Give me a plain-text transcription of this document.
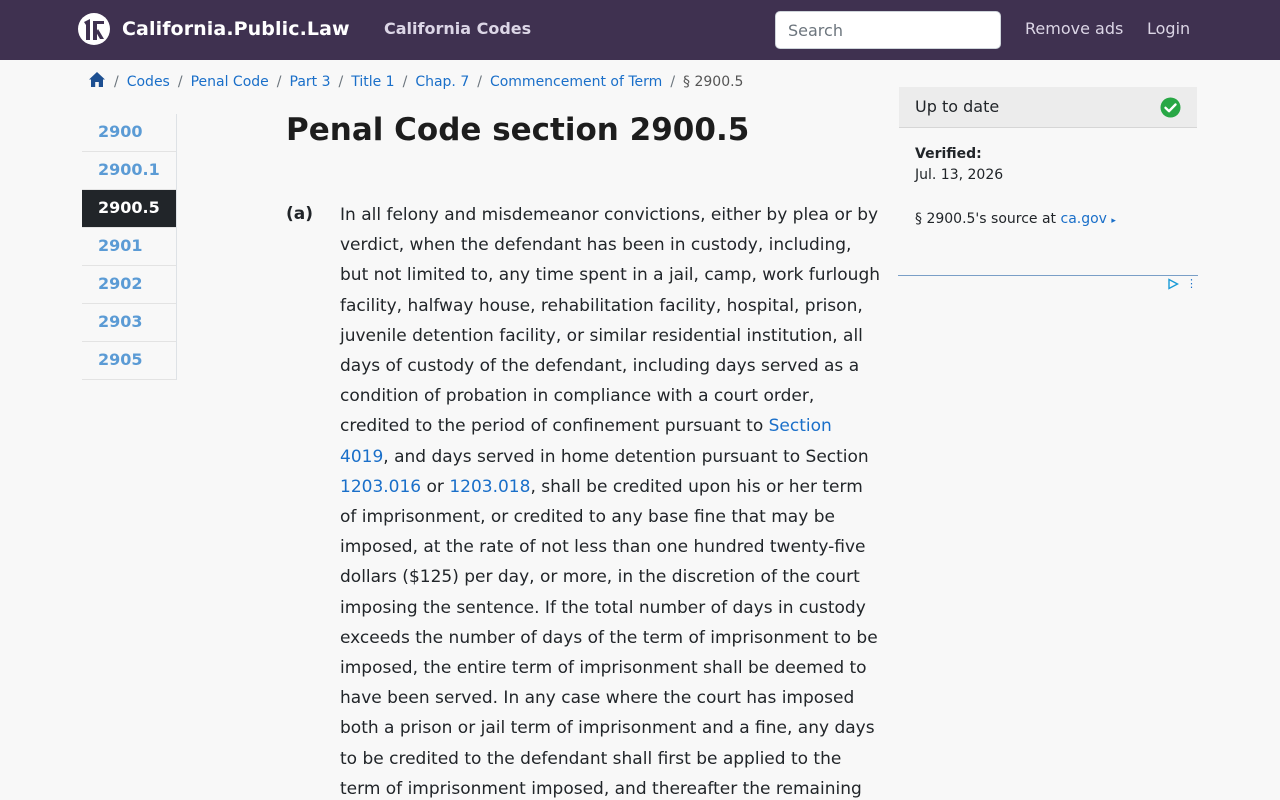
California.Public.Law California Codes
Search	Remove ads Login
/ Codes / Penal Code / Part 3 / Title 1 / Chap. 7 / Commencement of Term / § 2900.5
2900
2900.1
2900.5
2901
2902
2903
2905
Penal Code section 2900.5
(a) In all felony and misdemeanor convictions, either by plea or by verdict, when the defendant has been in custody, including, but not limited to, any time spent in a jail, camp, work furlough facility, halfway house, rehabilitation facility, hospital, prison, juvenile detention facility, or similar residential institution, all days of custody of the defendant, including days served as a condition of probation in compliance with a court order, credited to the period of confinement pursuant to Section 4019, and days served in home detention pursuant to Section 1203.016 or 1203.018, shall be credited upon his or her term of imprisonment, or credited to any base fine that may be imposed, at the rate of not less than one hundred twenty-five dollars ($125) per day, or more, in the discretion of the court imposing the sentence. If the total number of days in custody exceeds the number of days of the term of imprisonment to be imposed, the entire term of imprisonment shall be deemed to have been served. In any case where the court has imposed both a prison or jail term of imprisonment and a fine, any days to be credited to the defendant shall first be applied to the term of imprisonment imposed, and thereafter the remaining

Up to date
Verified:
Jul. 13, 2026
§ 2900.5's source at ca.gov ▸
⋮
